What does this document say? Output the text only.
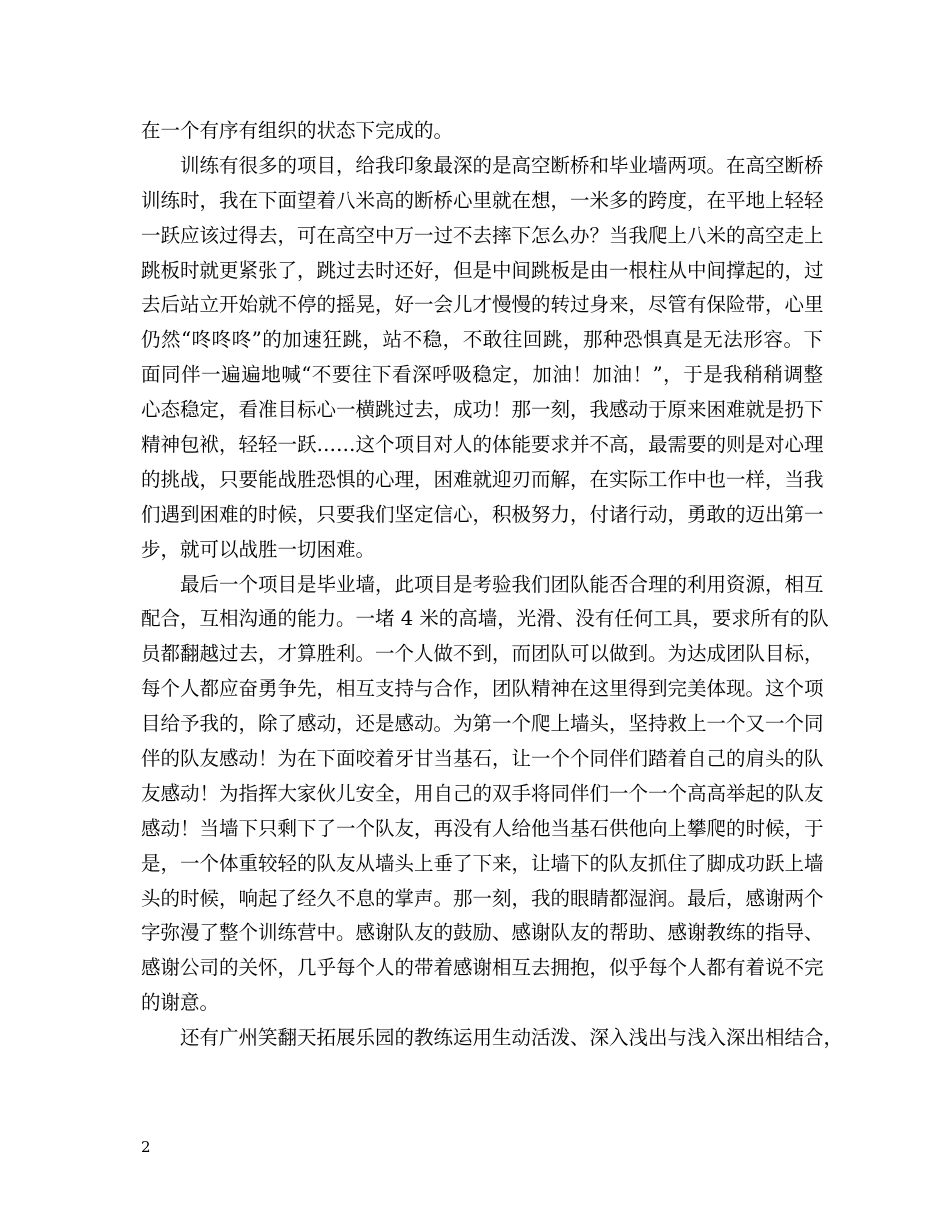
在一个有序有组织的状态下完成的。
训练有很多的项目，给我印象最深的是高空断桥和毕业墙两项。在高空断桥
训练时，我在下面望着八米高的断桥心里就在想，一米多的跨度，在平地上轻轻
一跃应该过得去，可在高空中万一过不去摔下怎么办？当我爬上八米的高空走上
跳板时就更紧张了，跳过去时还好，但是中间跳板是由一根柱从中间撑起的，过
去后站立开始就不停的摇晃，好一会儿才慢慢的转过身来，尽管有保险带，心里
仍然“咚咚咚”的加速狂跳，站不稳，不敢往回跳，那种恐惧真是无法形容。下
面同伴一遍遍地喊“不要往下看深呼吸稳定，加油！加油！”，于是我稍稍调整
心态稳定，看准目标心一横跳过去，成功！那一刻，我感动于原来困难就是扔下
精神包袱，轻轻一跃……这个项目对人的体能要求并不高，最需要的则是对心理
的挑战，只要能战胜恐惧的心理，困难就迎刃而解，在实际工作中也一样，当我
们遇到困难的时候，只要我们坚定信心，积极努力，付诸行动，勇敢的迈出第一
步，就可以战胜一切困难。
最后一个项目是毕业墙，此项目是考验我们团队能否合理的利用资源，相互
配合，互相沟通的能力。一堵 4 米的高墙，光滑、没有任何工具，要求所有的队
员都翻越过去，才算胜利。一个人做不到，而团队可以做到。为达成团队目标，
每个人都应奋勇争先，相互支持与合作，团队精神在这里得到完美体现。这个项
目给予我的，除了感动，还是感动。为第一个爬上墙头，坚持救上一个又一个同
伴的队友感动！为在下面咬着牙甘当基石，让一个个同伴们踏着自己的肩头的队
友感动！为指挥大家伙儿安全，用自己的双手将同伴们一个一个高高举起的队友
感动！当墙下只剩下了一个队友，再没有人给他当基石供他向上攀爬的时候，于
是，一个体重较轻的队友从墙头上垂了下来，让墙下的队友抓住了脚成功跃上墙
头的时候，响起了经久不息的掌声。那一刻，我的眼睛都湿润。最后，感谢两个
字弥漫了整个训练营中。感谢队友的鼓励、感谢队友的帮助、感谢教练的指导、
感谢公司的关怀，几乎每个人的带着感谢相互去拥抱，似乎每个人都有着说不完
的谢意。
还有广州笑翻天拓展乐园的教练运用生动活泼、深入浅出与浅入深出相结合，
2
